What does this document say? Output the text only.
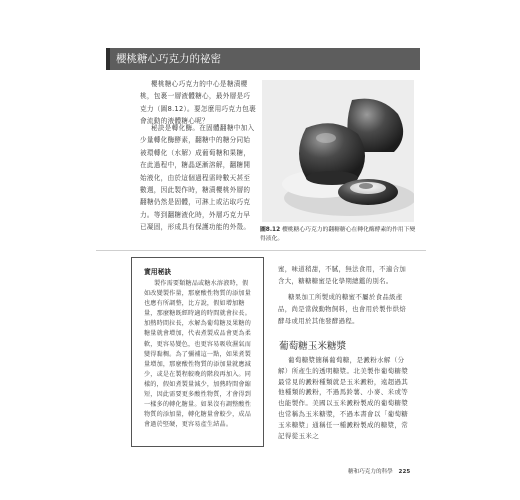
櫻桃糖心巧克力的祕密

櫻桃糖心巧克力的中心是糖漬櫻桃，包裹一層液體糖心，最外層是巧克力（圖8.12）。要怎麼用巧克力包裹會流動的液體糖心呢？

秘訣是轉化酶。在固體翻糖中加入少量轉化酶酵素，翻糖中的糖分同始被環轉化（水解）成葡萄糖和果糖，在此過程中，糖晶逐漸溶解，翻糖開始液化，由於這個過程需時數天甚至數週，因此製作時，糖漬櫻桃外層的翻糖仍然是固體，可淋上或沾取巧克力。等到翻糖液化時，外層巧克力早已凝固，形成具有保護功能的外殼。	圖8.12 櫻桃糖心巧克力的翻糖糖心在轉化酶酵素的作用下變得液化。
實用秘訣

製作需要類糖品或糖水溶液時，假如改變製作量，那麼酸性物質的添加量也應有所調整，比方說，假如增加糖量，那麼糖既經時適的時間就會拉長。加熱時間拉長，水解為葡萄糖及果糖的糖量就會增加，代表煮製成品會更為柔軟，更容易變色，也更容易吸收濕氣而變得黏稠。為了彌補這一點，如果煮製量增加，那麼酸性物質的添加量就應減少，或是在製程較晚的階段再加入。同樣的，假如煮製量減少，加熱時間會縮短，因此需要更多酸性物質，才會得到一樣多的轉化糖量。如果沒有調整酸性物質的添加量，轉化糖量會較少，成品會過於堅硬，更容易產生結晶。

蜜，味道稍甜，不膩，無法食用，不適合加含大，糖糖糖蜜是化學期總鑑的別名。

糖果加工所製成的糖蜜不屬於食品級產品，尚是當做動物飼料，也會用於製作烘焙酵母或用於其他發酵過程。

葡萄糖玉米糖漿

葡萄糖漿簡稱葡萄糖，是澱粉水解（分解）所產生的透明糖漿。北美製作葡萄糖漿最常見的澱粉種類就是玉米澱粉，遠超過其他種類的澱粉，不過馬鈴薯、小麥、米或等也能製作。美國以玉米澱粉製成的葡萄糖漿也常稱為玉米糖漿，不過本書會以「葡萄糖玉米糖漿」通稱任一種澱粉製成的糖漿，常記得從玉米之

糖和巧克力的科學 225
